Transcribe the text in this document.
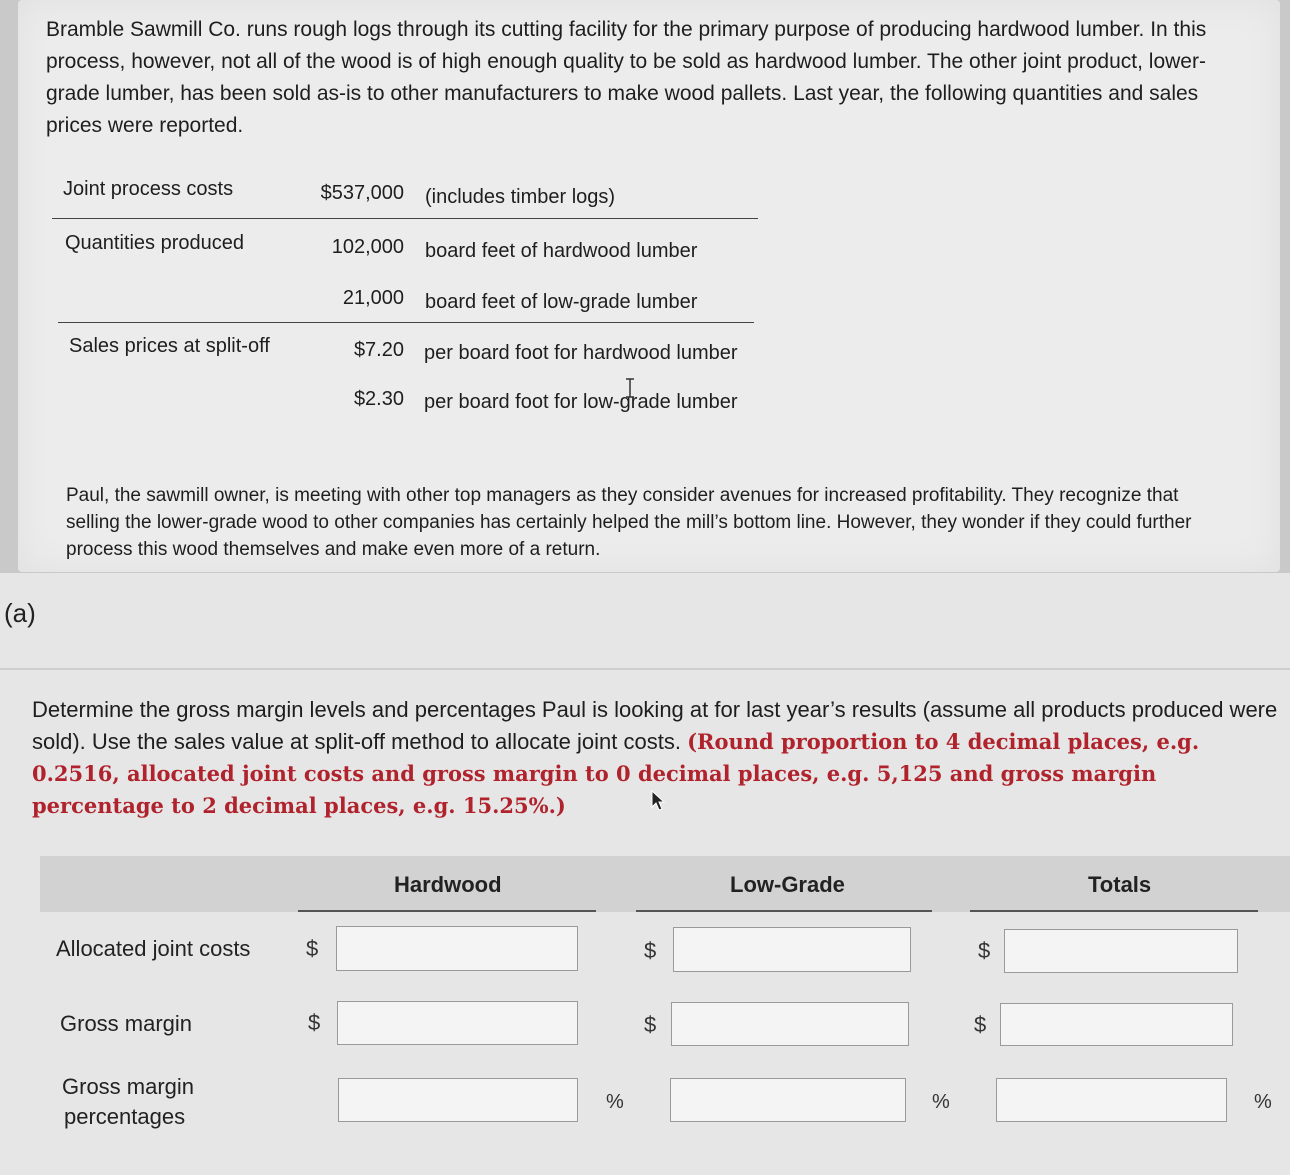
Bramble Sawmill Co. runs rough logs through its cutting facility for the primary purpose of producing hardwood lumber. In this process, however, not all of the wood is of high enough quality to be sold as hardwood lumber. The other joint product, lower-grade lumber, has been sold as-is to other manufacturers to make wood pallets. Last year, the following quantities and sales prices were reported.

Joint process costs	$537,000 (includes timber logs)
Quantities produced	102,000 board feet of hardwood lumber
21,000 board feet of low-grade lumber
Sales prices at split-off	$7.20 per board foot for hardwood lumber
$2.30 per board foot for low-grade lumber

Paul, the sawmill owner, is meeting with other top managers as they consider avenues for increased profitability. They recognize that selling the lower-grade wood to other companies has certainly helped the mill’s bottom line. However, they wonder if they could further process this wood themselves and make even more of a return.

(a)

Determine the gross margin levels and percentages Paul is looking at for last year’s results (assume all products produced were sold). Use the sales value at split-off method to allocate joint costs. (Round proportion to 4 decimal places, e.g. 0.2516, allocated joint costs and gross margin to 0 decimal places, e.g. 5,125 and gross margin percentage to 2 decimal places, e.g. 15.25%.)

Hardwood	Low-Grade	Totals
Allocated joint costs	$	$	$
Gross margin	$	$	$
Gross margin
percentages
%	%	%
